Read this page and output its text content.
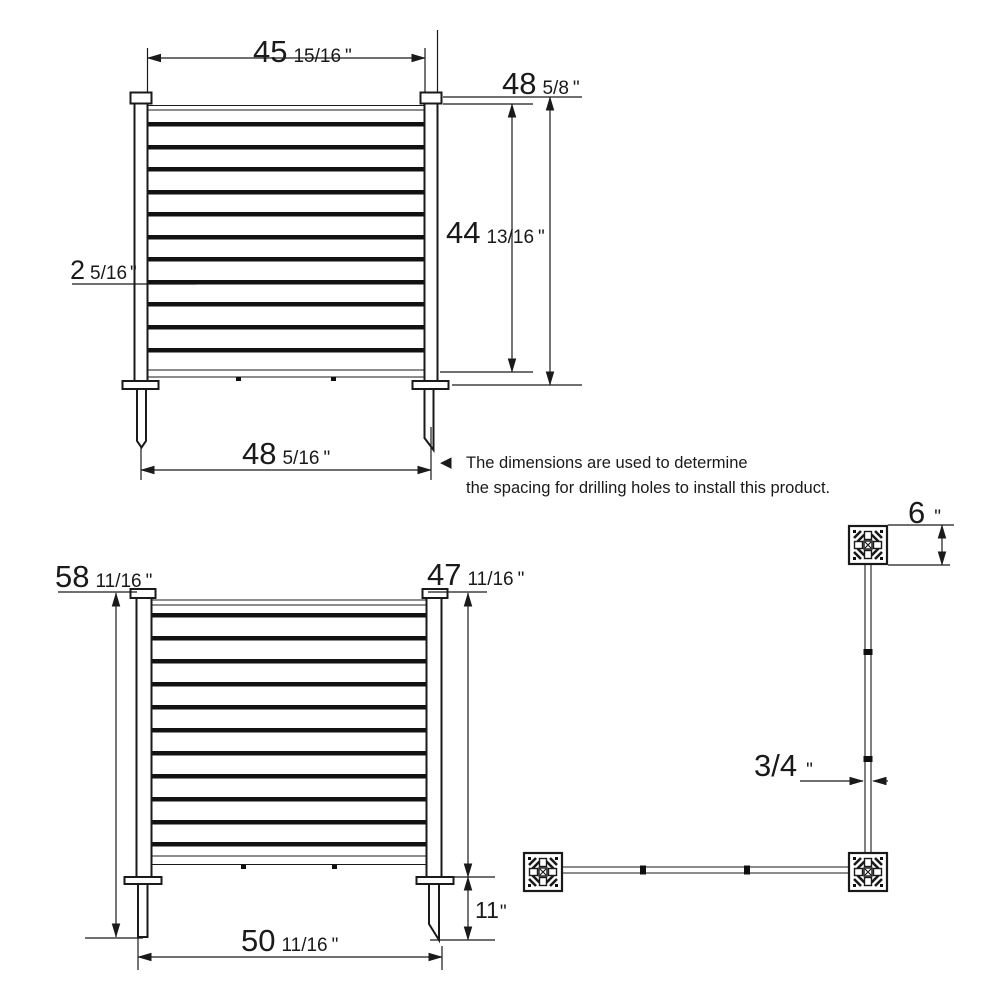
45 15/16 "
48 5/8 "
44 13/16 "
2 5/16 "
48 5/16 "	◀ The dimensions are used to determine
the spacing for drilling holes to install this product.
58 11/16 "	47 11/16 "
11"
50 11/16 "
6 "
3/4 "
